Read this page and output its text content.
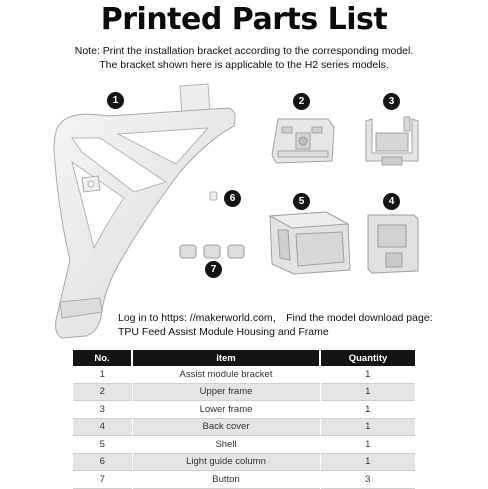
Printed Parts List
Note: Print the installation bracket according to the corresponding model.
The bracket shown here is applicable to the H2 series models.
1	2	3
6	5	4
7
Log in to https: //makerworld.com， Find the model download page:
TPU Feed Assist Module Housing and Frame
No.	Item	Quantity
1	Assist module bracket	1
2	Upper frame	1
3	Lower frame	1
4	Back cover	1
5	Shell	1
6	Light guide column	1
7	Button	3
